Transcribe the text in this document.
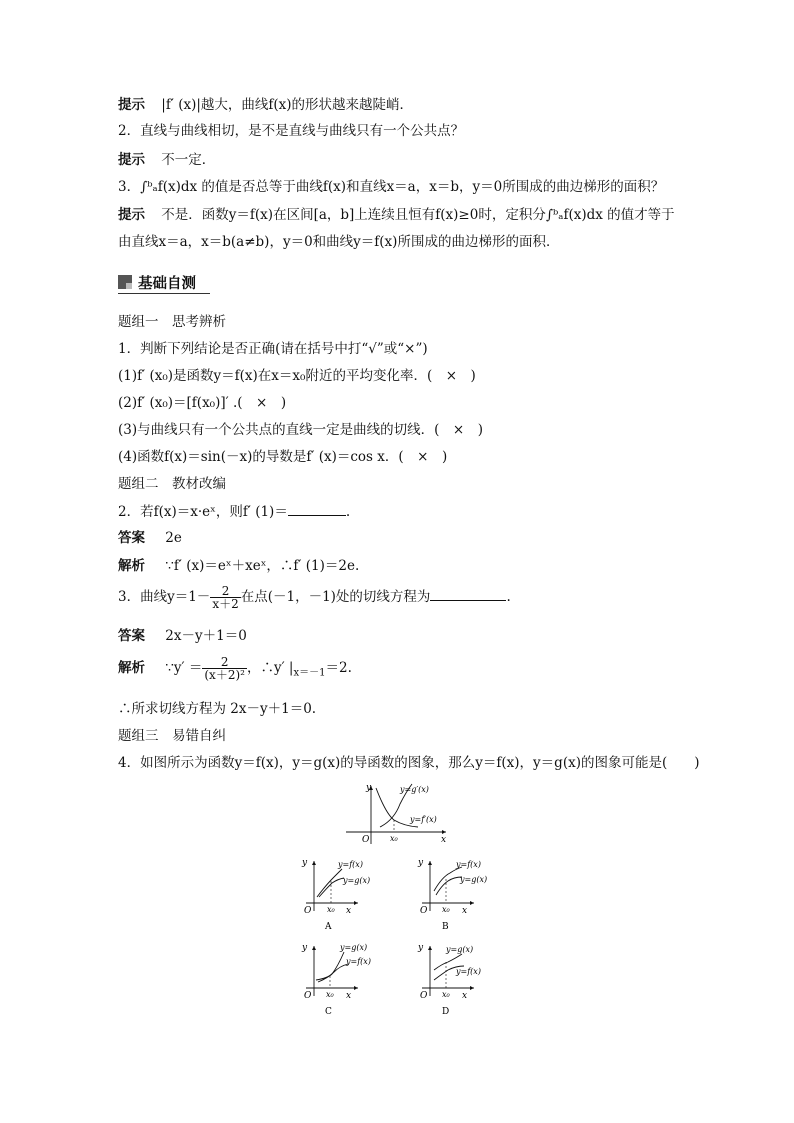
提示 |f′ (x)|越大，曲线f(x)的形状越来越陡峭．
2．直线与曲线相切，是不是直线与曲线只有一个公共点？
提示 不一定．
3．∫ᵇₐf(x)dx 的值是否总等于曲线f(x)和直线x＝a，x＝b，y＝0所围成的曲边梯形的面积？
提示 不是．函数y＝f(x)在区间[a，b]上连续且恒有f(x)≥0时，定积分∫ᵇₐf(x)dx 的值才等于
由直线x＝a，x＝b(a≠b)，y＝0和曲线y＝f(x)所围成的曲边梯形的面积．
基础自测
题组一　思考辨析
1．判断下列结论是否正确(请在括号中打“√”或“×”)
(1)f′ (x₀)是函数y＝f(x)在x＝x₀附近的平均变化率．(　×　)
(2)f′ (x₀)＝[f(x₀)]′ .(　×　)
(3)与曲线只有一个公共点的直线一定是曲线的切线．(　×　)
(4)函数f(x)＝sin(－x)的导数是f′ (x)＝cos x．(　×　)
题组二　教材改编
2．若f(x)＝x·eˣ，则f′ (1)＝	.
答案 2e
解析 ∵f′ (x)＝eˣ＋xeˣ，∴f′ (1)＝2e.
3．曲线$y=1- \frac{2}{x+2}$ 在点(－1，－1)处的切线方程为	.
答案 2x－y＋1＝0
解析 ∵y′ ＝ $\frac{2}{\text{(x＋2)²}}$ ，∴y′ $|_{x=-1}=2$.
∴所求切线方程为 2x－y＋1＝0.
题组三　易错自纠
4．如图所示为函数y＝f(x)，y＝g(x)的导函数的图象，那么y＝f(x)，y＝g(x)的图象可能是(　　)
y
x
O	x₀
y=g′(x)
y=f′(x)
y
x
O x₀
y=f(x)
y=g(x)
A
y
x
O x₀
y=f(x)
y=g(x)
B
y
x
O x₀
y=g(x)
y=f(x)
C
y
x
O x₀
y=g(x)
y=f(x)
D
